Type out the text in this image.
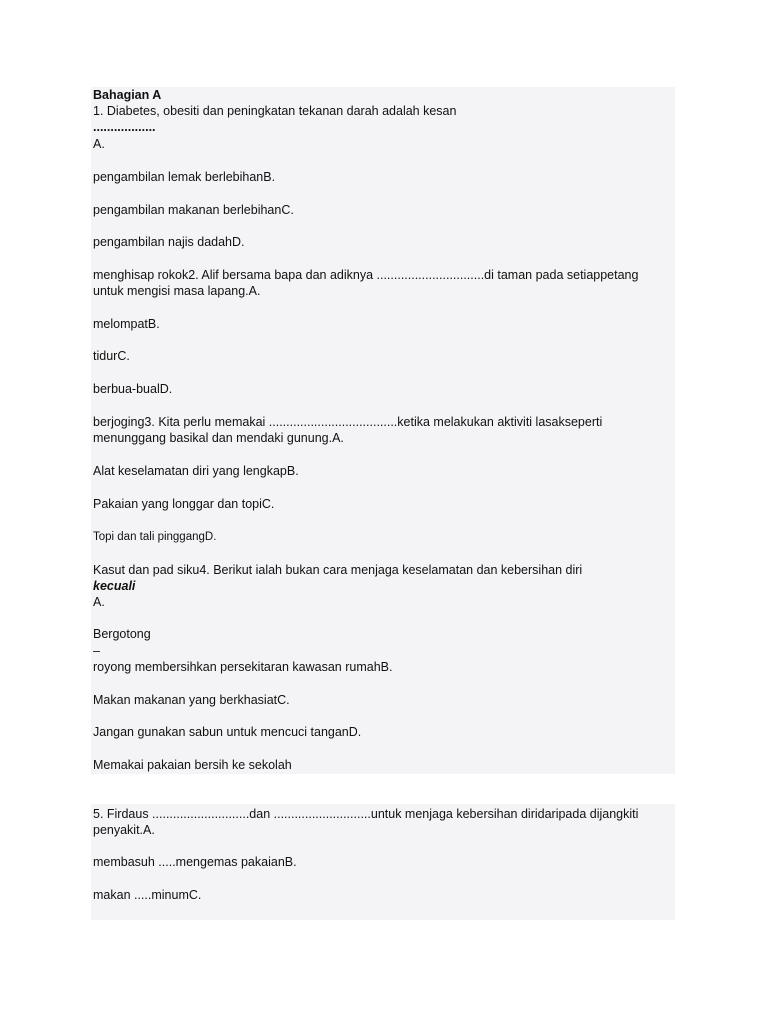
Bahagian A
1. Diabetes, obesiti dan peningkatan tekanan darah adalah kesan
..................
A.
pengambilan lemak berlebihanB.
pengambilan makanan berlebihanC.
pengambilan najis dadahD.
menghisap rokok2. Alif bersama bapa dan adiknya ...............................di taman pada setiappetang
untuk mengisi masa lapang.A.
melompatB.
tidurC.
berbua-bualD.
berjoging3. Kita perlu memakai .....................................ketika melakukan aktiviti lasakseperti
menunggang basikal dan mendaki gunung.A.
Alat keselamatan diri yang lengkapB.
Pakaian yang longgar dan topiC.
Topi dan tali pinggangD.
Kasut dan pad siku4. Berikut ialah bukan cara menjaga keselamatan dan kebersihan diri
kecuali
A.
Bergotong
–
royong membersihkan persekitaran kawasan rumahB.
Makan makanan yang berkhasiatC.
Jangan gunakan sabun untuk mencuci tanganD.
Memakai pakaian bersih ke sekolah
5. Firdaus ............................dan ............................untuk menjaga kebersihan diridaripada dijangkiti
penyakit.A.
membasuh .....mengemas pakaianB.
makan .....minumC.
